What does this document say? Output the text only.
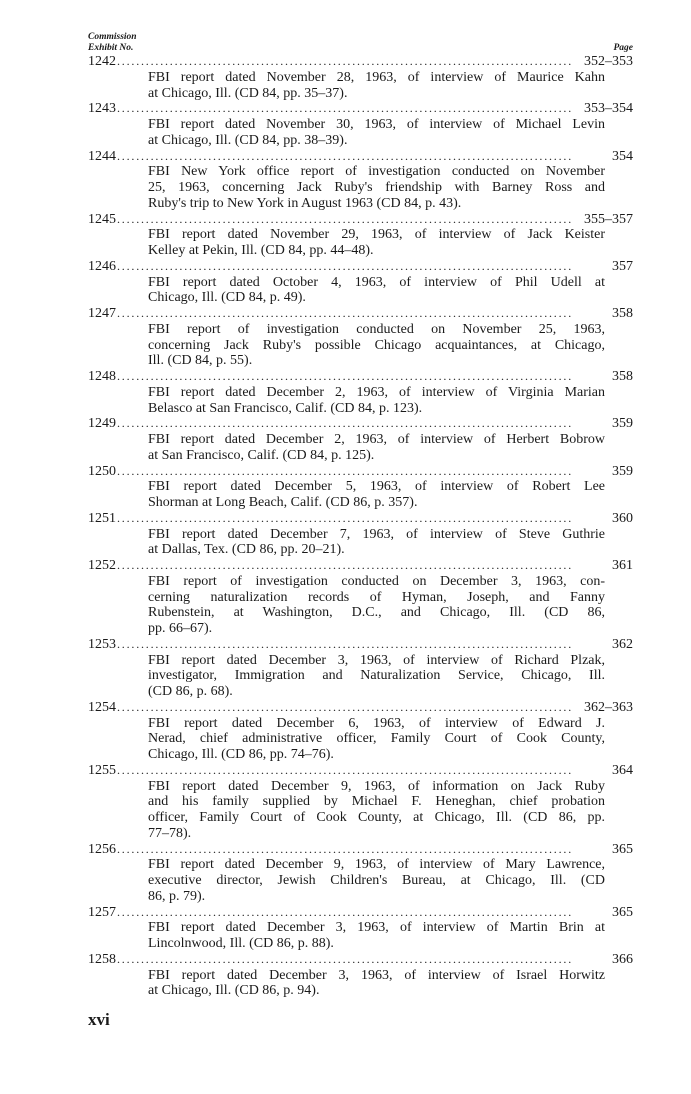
Commission
Exhibit No.	Page
1242 . . .	352–353
FBI report dated November 28, 1963, of interview of Maurice Kahn
at Chicago, Ill. (CD 84, pp. 35–37).
1243 . . .	353–354
FBI report dated November 30, 1963, of interview of Michael Levin
at Chicago, Ill. (CD 84, pp. 38–39).
1244 . . .	354
FBI New York office report of investigation conducted on November
25, 1963, concerning Jack Ruby's friendship with Barney Ross and
Ruby's trip to New York in August 1963 (CD 84, p. 43).
1245 . . .	355–357
FBI report dated November 29, 1963, of interview of Jack Keister
Kelley at Pekin, Ill. (CD 84, pp. 44–48).
1246 . . .	357
FBI report dated October 4, 1963, of interview of Phil Udell at
Chicago, Ill. (CD 84, p. 49).
1247 . . .	358
FBI report of investigation conducted on November 25, 1963,
concerning Jack Ruby's possible Chicago acquaintances, at Chicago,
Ill. (CD 84, p. 55).
1248 . . .	358
FBI report dated December 2, 1963, of interview of Virginia Marian
Belasco at San Francisco, Calif. (CD 84, p. 123).
1249 . . .	359
FBI report dated December 2, 1963, of interview of Herbert Bobrow
at San Francisco, Calif. (CD 84, p. 125).
1250 . . .	359
FBI report dated December 5, 1963, of interview of Robert Lee
Shorman at Long Beach, Calif. (CD 86, p. 357).
1251 . . .	360
FBI report dated December 7, 1963, of interview of Steve Guthrie
at Dallas, Tex. (CD 86, pp. 20–21).
1252 . . .	361
FBI report of investigation conducted on December 3, 1963, con-
cerning naturalization records of Hyman, Joseph, and Fanny
Rubenstein, at Washington, D.C., and Chicago, Ill. (CD 86,
pp. 66–67).
1253 . . .	362
FBI report dated December 3, 1963, of interview of Richard Plzak,
investigator, Immigration and Naturalization Service, Chicago, Ill.
(CD 86, p. 68).
1254 . . .	362–363
FBI report dated December 6, 1963, of interview of Edward J.
Nerad, chief administrative officer, Family Court of Cook County,
Chicago, Ill. (CD 86, pp. 74–76).
1255 . . .	364
FBI report dated December 9, 1963, of information on Jack Ruby
and his family supplied by Michael F. Heneghan, chief probation
officer, Family Court of Cook County, at Chicago, Ill. (CD 86, pp.
77–78).
1256 . . .	365
FBI report dated December 9, 1963, of interview of Mary Lawrence,
executive director, Jewish Children's Bureau, at Chicago, Ill. (CD
86, p. 79).
1257 . . .	365
FBI report dated December 3, 1963, of interview of Martin Brin at
Lincolnwood, Ill. (CD 86, p. 88).
1258 . . .	366
FBI report dated December 3, 1963, of interview of Israel Horwitz
at Chicago, Ill. (CD 86, p. 94).
xvi
